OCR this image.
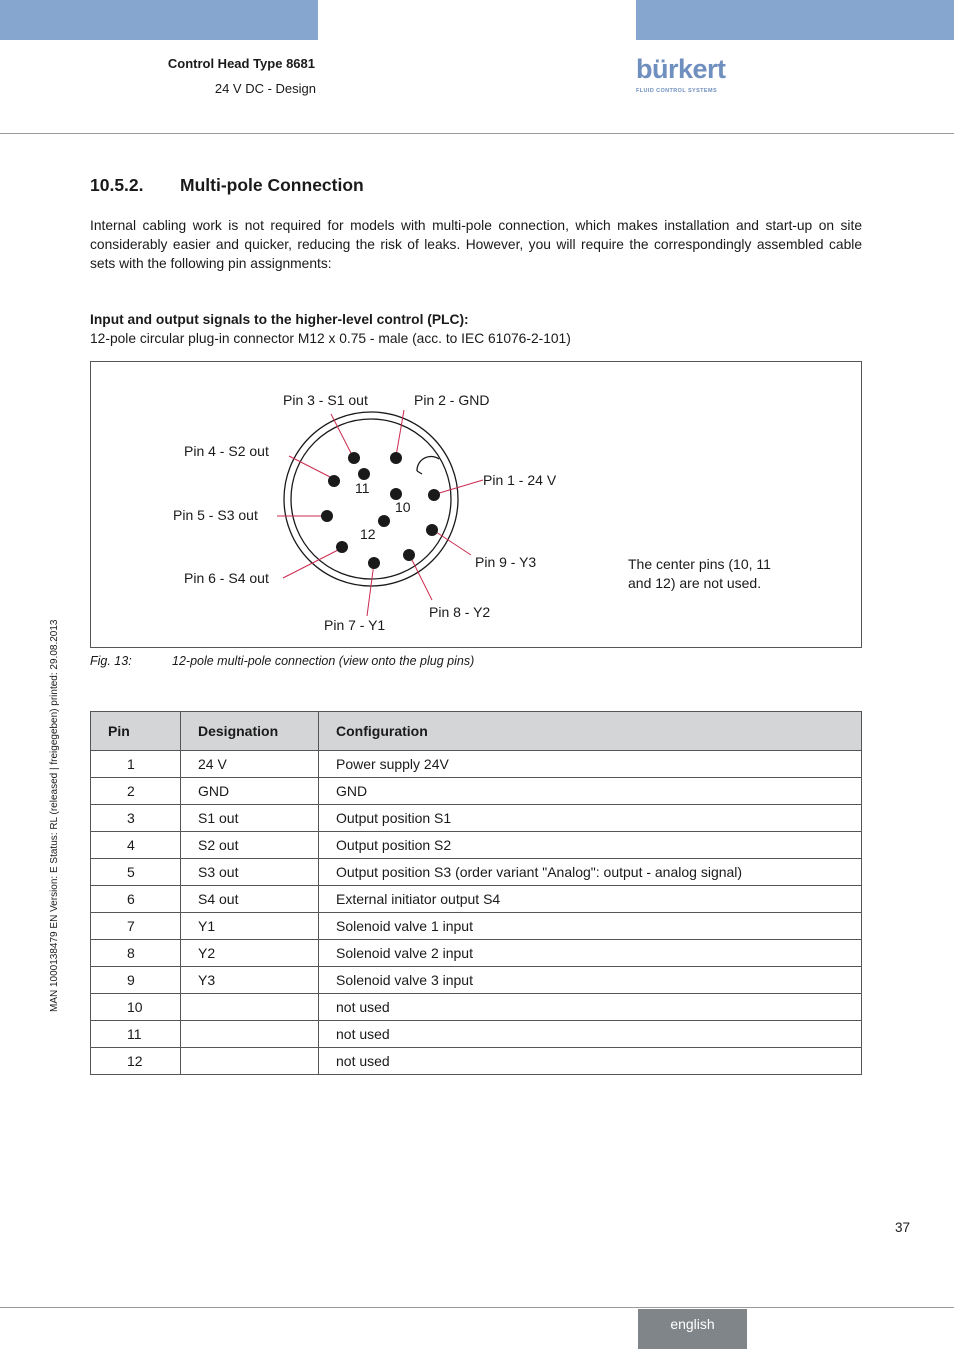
Control Head Type 8681
24 V DC - Design
bürkert
FLUID CONTROL SYSTEMS
10.5.2. Multi-pole Connection

Internal cabling work is not required for models with multi-pole connection, which makes installation and start-up on site considerably easier and quicker, reducing the risk of leaks. However, you will require the correspondingly assembled cable sets with the following pin assignments:

Input and output signals to the higher-level control (PLC):
12-pole circular plug-in connector M12 x 0.75 - male (acc. to IEC 61076-2-101)
11
10
12
Pin 2 - GND
Pin 3 - S1 out
Pin 4 - S2 out
Pin 1 - 24 V
Pin 5 - S3 out
Pin 9 - Y3
Pin 6 - S4 out
Pin 8 - Y2
Pin 7 - Y1
The center pins (10, 11 and 12) are not used.
Fig. 13:	12-pole multi-pole connection (view onto the plug pins)
Pin	Designation	Configuration
1	24 V	Power supply 24V
2	GND	GND
3	S1 out	Output position S1
4	S2 out	Output position S2
5	S3 out	Output position S3 (order variant "Analog": output - analog signal)
6	S4 out	External initiator output S4
7	Y1	Solenoid valve 1 input
8	Y2	Solenoid valve 2 input
9	Y3	Solenoid valve 3 input
10		not used
11		not used
12		not used
MAN 1000138479 EN Version: E Status: RL (released | freigegeben) printed: 29.08.2013
37
english
